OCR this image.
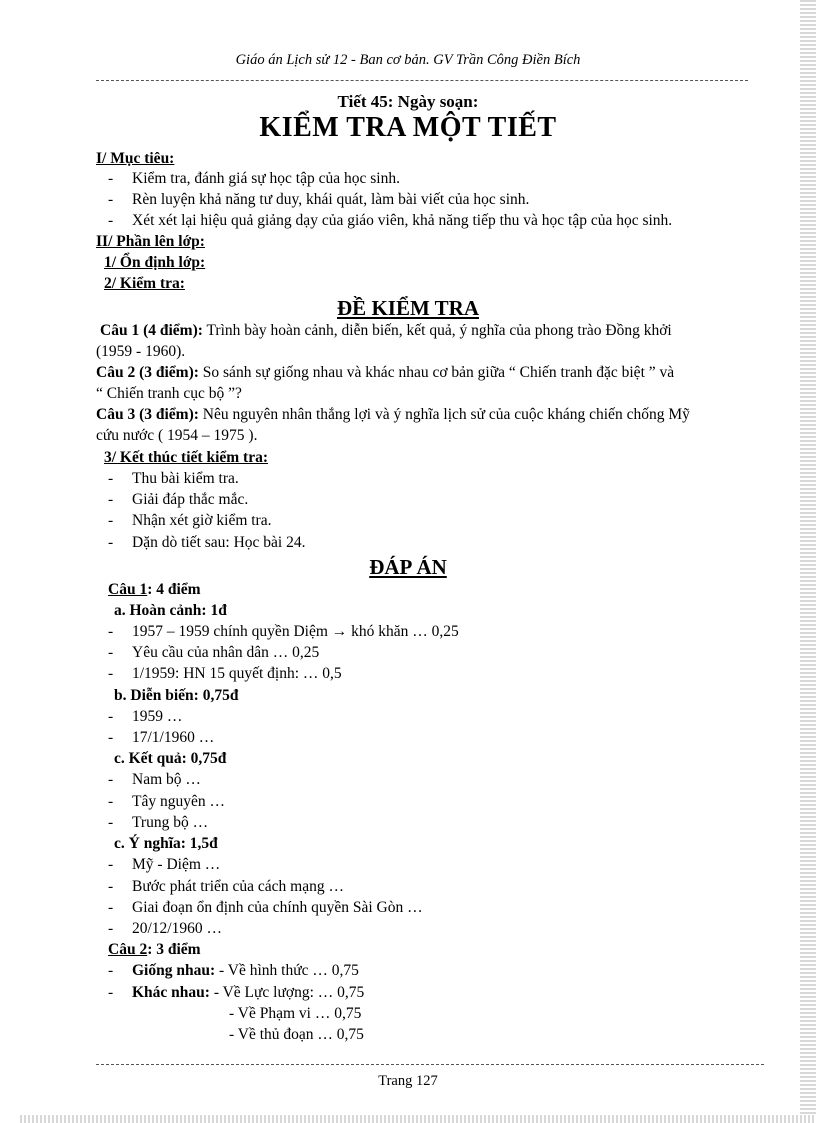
Giáo án Lịch sử 12 - Ban cơ bản. GV Trần Công Điền Bích
Tiết 45: Ngày soạn:
KIỂM TRA MỘT TIẾT
I/ Mục tiêu:
- Kiểm tra, đánh giá sự học tập của học sinh.
- Rèn luyện khả năng tư duy, khái quát, làm bài viết của học sinh.
- Xét xét lại hiệu quả giảng dạy của giáo viên, khả năng tiếp thu và học tập của học sinh.
II/ Phần lên lớp:
1/ Ổn định lớp:
2/ Kiểm tra:
ĐỀ KIỂM TRA
Câu 1 (4 điểm): Trình bày hoàn cảnh, diễn biến, kết quả, ý nghĩa của phong trào Đồng khởi
(1959 - 1960).
Câu 2 (3 điểm): So sánh sự giống nhau và khác nhau cơ bản giữa “ Chiến tranh đặc biệt ” và
“ Chiến tranh cục bộ ”?
Câu 3 (3 điểm): Nêu nguyên nhân thắng lợi và ý nghĩa lịch sử của cuộc kháng chiến chống Mỹ
cứu nước ( 1954 – 1975 ).
3/ Kết thúc tiết kiểm tra:
- Thu bài kiểm tra.
- Giải đáp thắc mắc.
- Nhận xét giờ kiểm tra.
- Dặn dò tiết sau: Học bài 24.
ĐÁP ÁN
Câu 1: 4 điểm
a. Hoàn cảnh: 1đ
- 1957 – 1959 chính quyền Diệm → khó khăn … 0,25
- Yêu cầu của nhân dân … 0,25
- 1/1959: HN 15 quyết định: … 0,5
b. Diễn biến: 0,75đ
- 1959 …
- 17/1/1960 …
c. Kết quả: 0,75đ
- Nam bộ …
- Tây nguyên …
- Trung bộ …
c. Ý nghĩa: 1,5đ
- Mỹ - Diệm …
- Bước phát triển của cách mạng …
- Giai đoạn ổn định của chính quyền Sài Gòn …
- 20/12/1960 …
Câu 2: 3 điểm
- Giống nhau: - Về hình thức … 0,75
- Khác nhau: - Về Lực lượng: … 0,75
- Về Phạm vi … 0,75
- Về thủ đoạn … 0,75
Trang 127
